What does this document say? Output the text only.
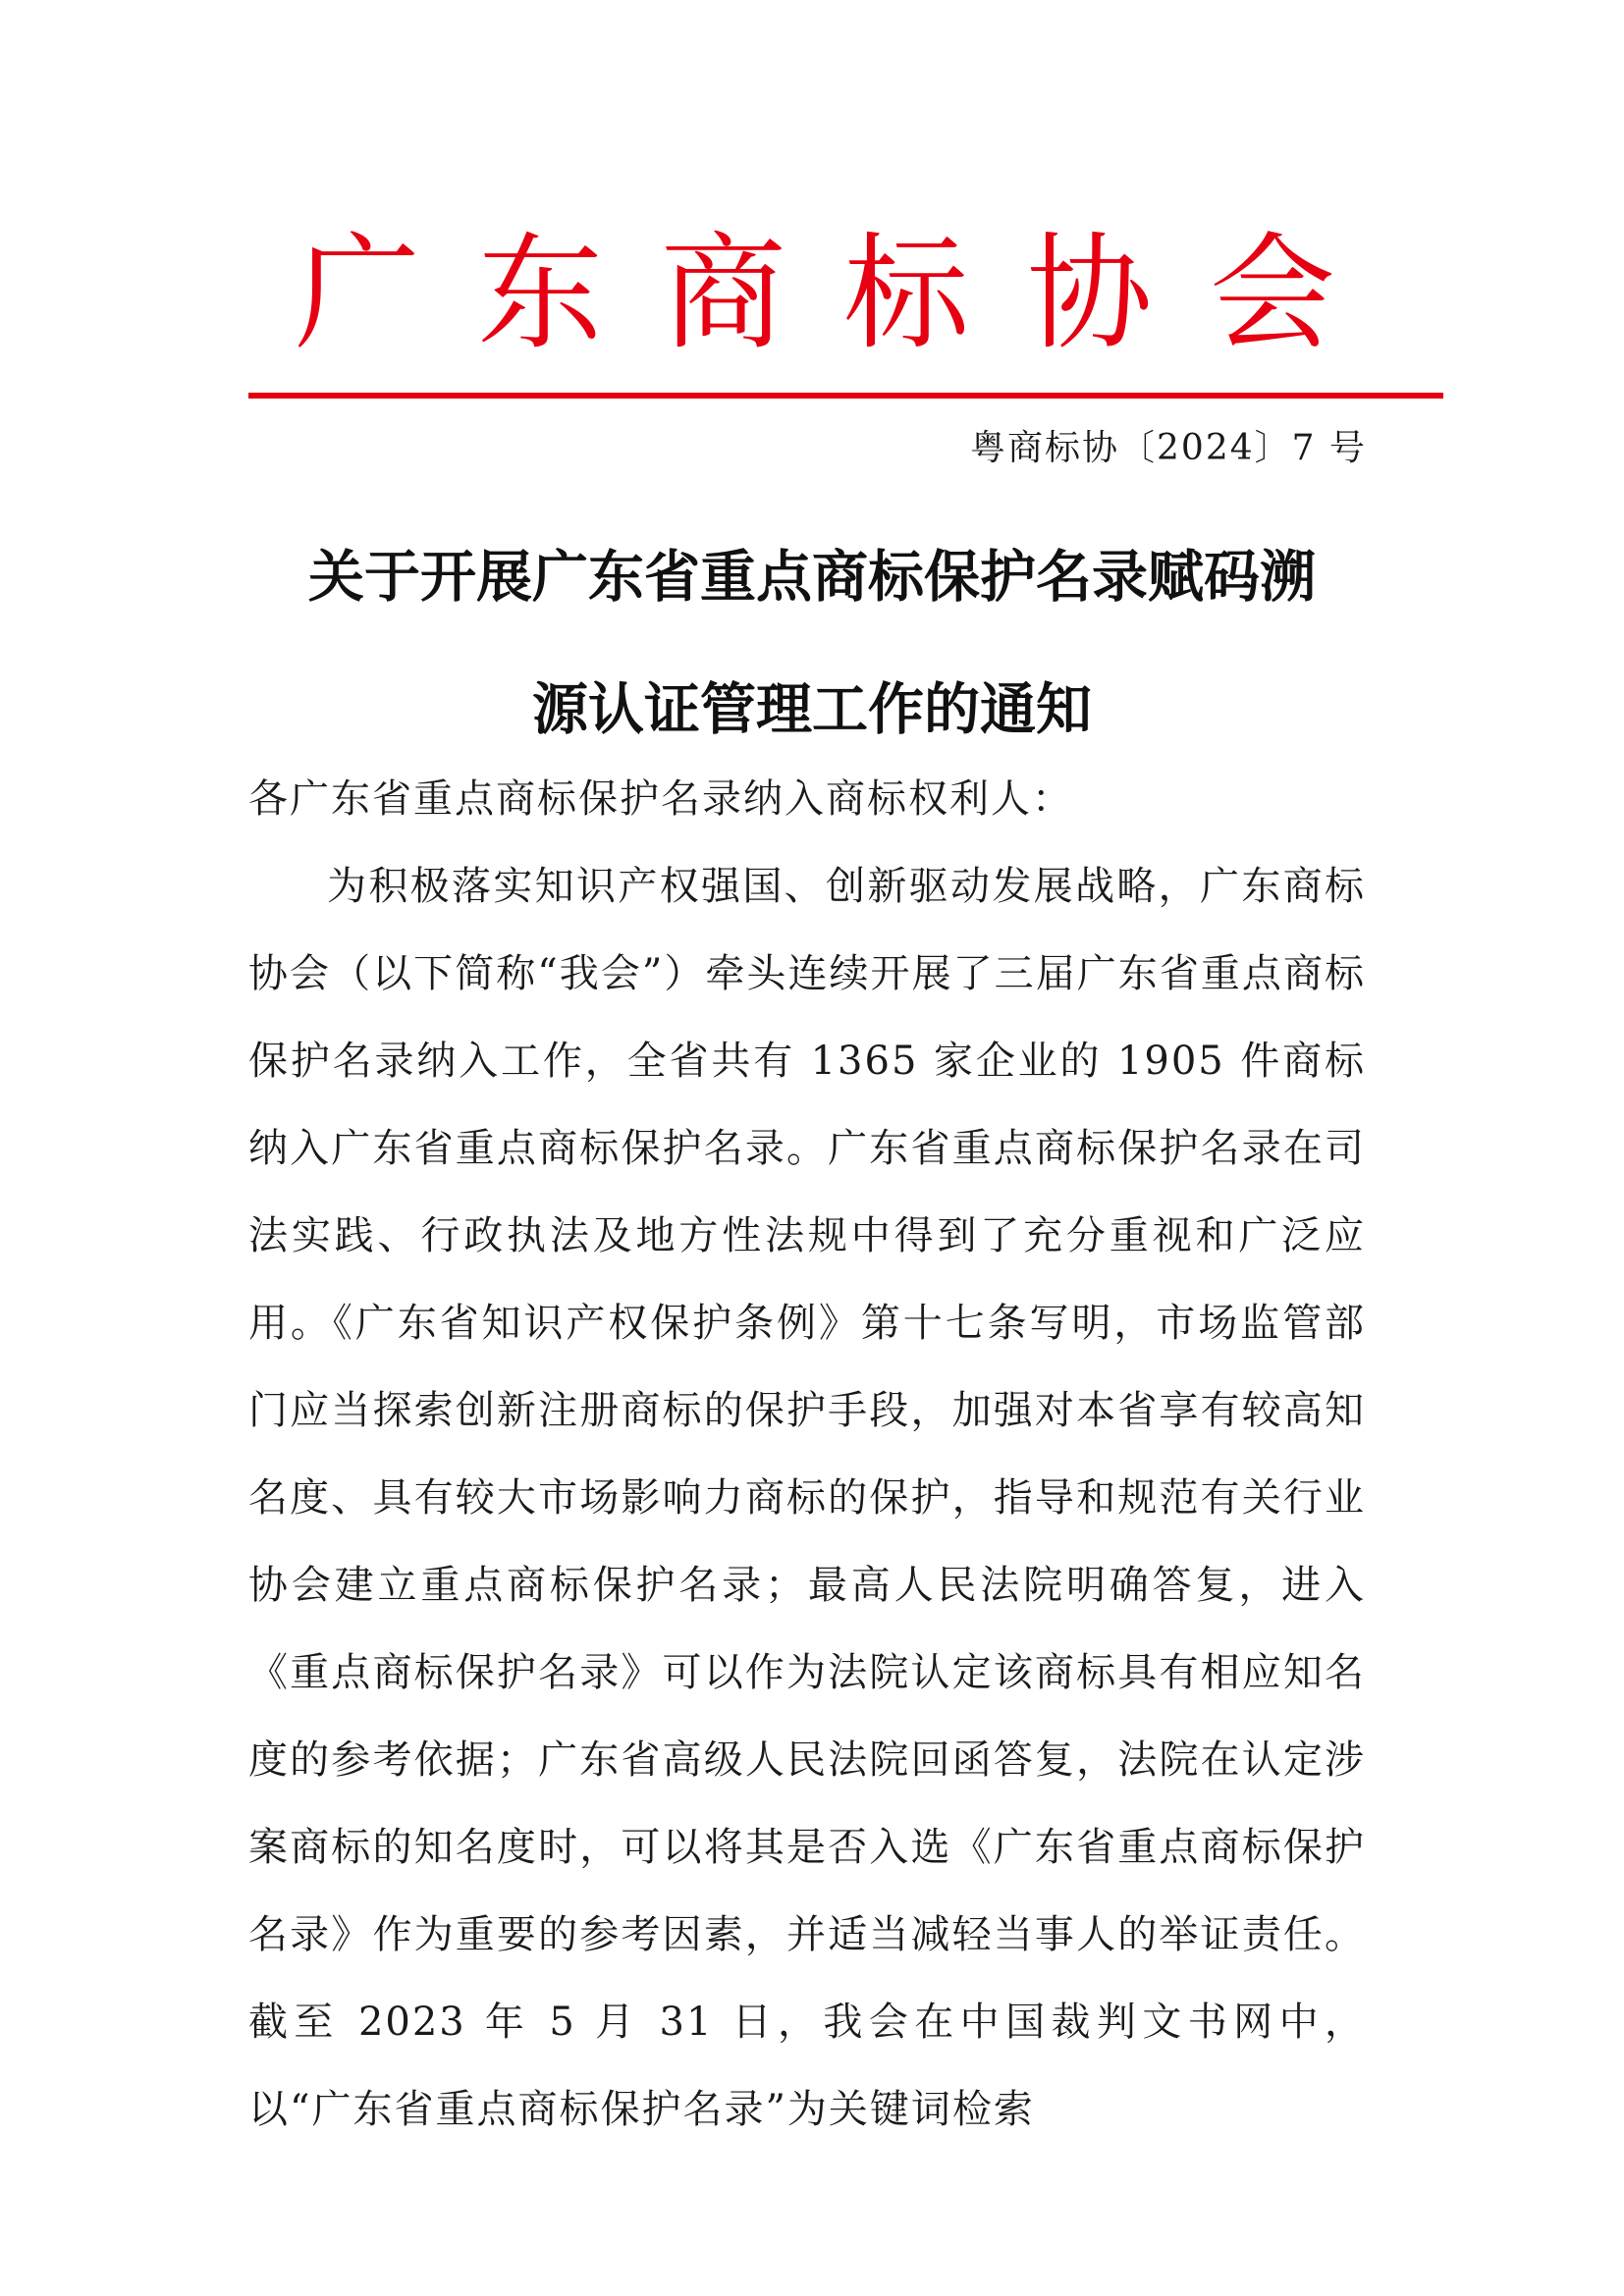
广 东 商 标 协 会
粤商标协〔2024〕7 号
关于开展广东省重点商标保护名录赋码溯
源认证管理工作的通知

各广东省重点商标保护名录纳入商标权利人：

为积极落实知识产权强国、创新驱动发展战略，广东商标协会（以下简称“我会”）牵头连续开展了三届广东省重点商标保护名录纳入工作，全省共有 1365 家企业的 1905 件商标纳入广东省重点商标保护名录。广东省重点商标保护名录在司法实践、行政执法及地方性法规中得到了充分重视和广泛应用。《广东省知识产权保护条例》第十七条写明，市场监管部门应当探索创新注册商标的保护手段，加强对本省享有较高知名度、具有较大市场影响力商标的保护，指导和规范有关行业协会建立重点商标保护名录；最高人民法院明确答复，进入《重点商标保护名录》可以作为法院认定该商标具有相应知名度的参考依据；广东省高级人民法院回函答复，法院在认定涉案商标的知名度时，可以将其是否入选《广东省重点商标保护名录》作为重要的参考因素，并适当减轻当事人的举证责任。截至 2023 年 5 月 31 日，我会在中国裁判文书网中，以“广东省重点商标保护名录”为关键词检索
